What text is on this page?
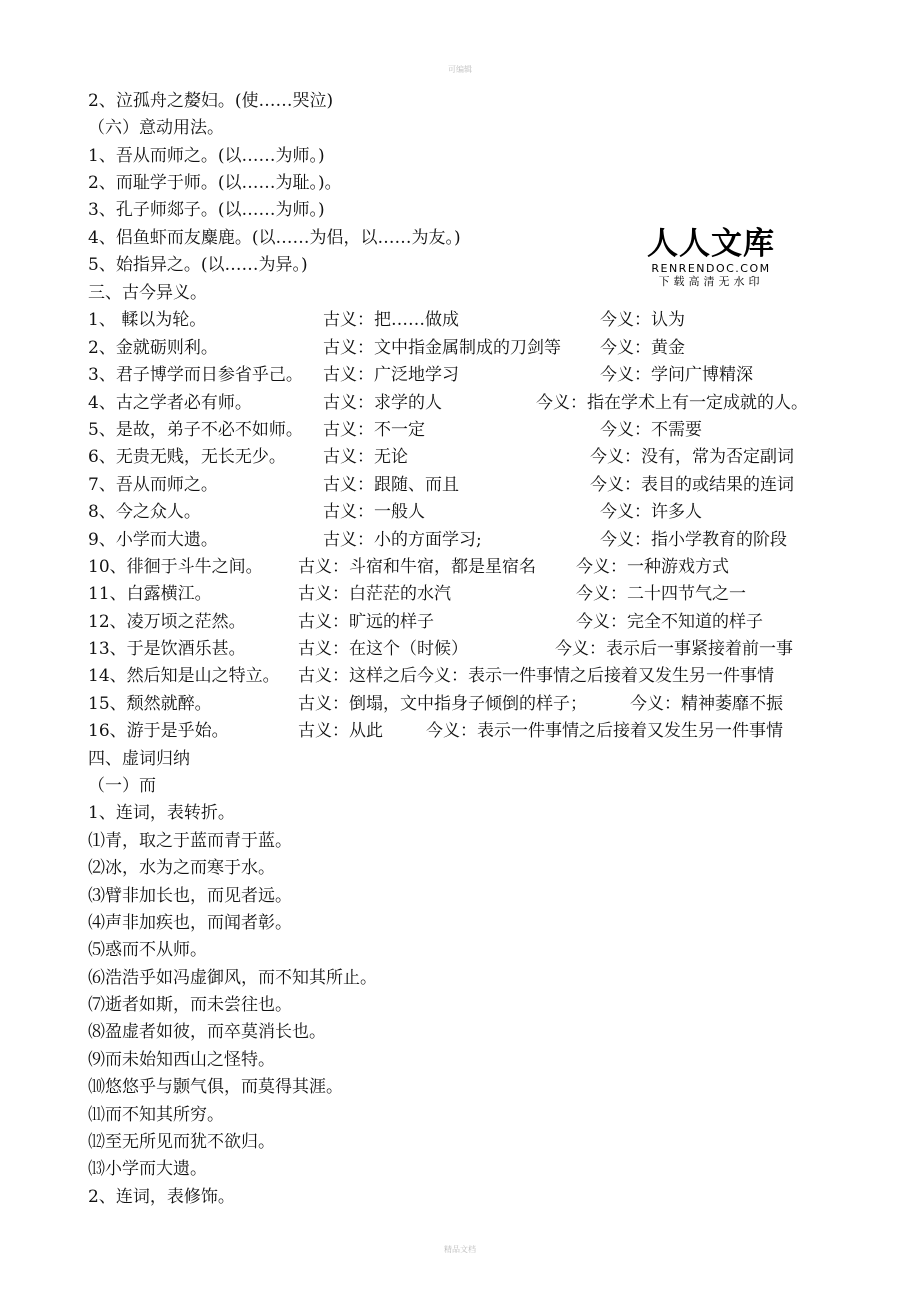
可编辑
2、泣孤舟之嫠妇。(使……哭泣)
（六）意动用法。
1、吾从而师之。(以……为师。)
2、而耻学于师。(以……为耻。)。
3、孔子师郯子。(以……为师。)
4、侣鱼虾而友麋鹿。(以……为侣，以……为友。)
5、始指异之。(以……为异。)
三、古今异义。
人人文库
RENRENDOC.COM
下载高清无水印
1、 輮以为轮。	古义：把……做成	今义：认为
2、金就砺则利。	古义：文中指金属制成的刀剑等 今义：黄金
3、君子博学而日参省乎己。 古义：广泛地学习	今义：学问广博精深
4、古之学者必有师。	古义：求学的人	今义：指在学术上有一定成就的人。
5、是故，弟子不必不如师。 古义：不一定	今义：不需要
6、无贵无贱，无长无少。 古义：无论	今义：没有，常为否定副词
7、吾从而师之。	古义：跟随、而且	今义：表目的或结果的连词
8、今之众人。	古义：一般人	今义：许多人
9、小学而大遗。	古义：小的方面学习;	今义：指小学教育的阶段
10、徘徊于斗牛之间。 古义：斗宿和牛宿，都是星宿名 今义：一种游戏方式
11、白露横江。	古义：白茫茫的水汽	今义：二十四节气之一
12、凌万顷之茫然。	古义：旷远的样子	今义：完全不知道的样子
13、于是饮酒乐甚。	古义：在这个（时候）	今义：表示后一事紧接着前一事
14、然后知是山之特立。 古义：这样之后今义：表示一件事情之后接着又发生另一件事情
15、颓然就醉。	古义：倒塌，文中指身子倾倒的样子；	今义：精神萎靡不振
16、游于是乎始。	古义：从此	今义：表示一件事情之后接着又发生另一件事情
四、虚词归纳
（一）而
1、连词，表转折。
⑴青，取之于蓝而青于蓝。
⑵冰，水为之而寒于水。
⑶臂非加长也，而见者远。
⑷声非加疾也，而闻者彰。
⑸惑而不从师。
⑹浩浩乎如冯虚御风，而不知其所止。
⑺逝者如斯，而未尝往也。
⑻盈虚者如彼，而卒莫消长也。
⑼而未始知西山之怪特。
⑽悠悠乎与颢气俱，而莫得其涯。
⑾而不知其所穷。
⑿至无所见而犹不欲归。
⒀小学而大遗。
2、连词，表修饰。
精品文档
